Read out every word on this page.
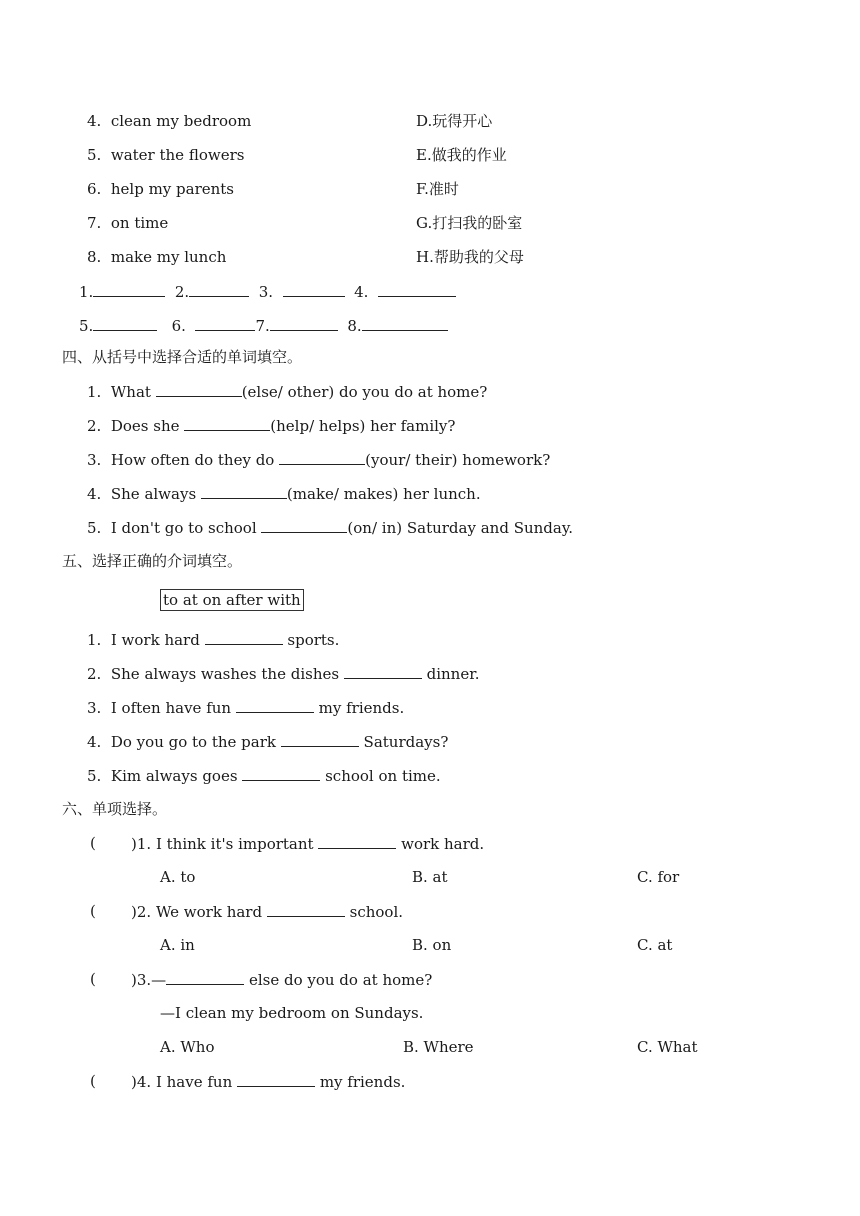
4. clean my bedroom	D.玩得开心
5. water the flowers	E.做我的作业
6. help my parents	F.准时
7. on time	G.打扫我的卧室
8. make my lunch	H.帮助我的父母
1.	2.	3.	4.
5.	6.	7.	8.
四、从括号中选择合适的单词填空。
1. What	(else/ other) do you do at home?
2. Does she	(help/ helps) her family?
3. How often do they do	(your/ their) homework?
4. She always	(make/ makes) her lunch.
5. I don't go to school	(on/ in) Saturday and Sunday.
五、选择正确的介词填空。
to at on after with
1. I work hard	sports.
2. She always washes the dishes	dinner.
3. I often have fun	my friends.
4. Do you go to the park	Saturdays?
5. Kim always goes	school on time.
六、单项选择。
( )1. I think it's important	work hard.
A. to	B. at	C. for
( )2. We work hard	school.
A. in	B. on	C. at
( )3.—	else do you do at home?
—I clean my bedroom on Sundays.
A. Who	B. Where	C. What
( )4. I have fun	my friends.
